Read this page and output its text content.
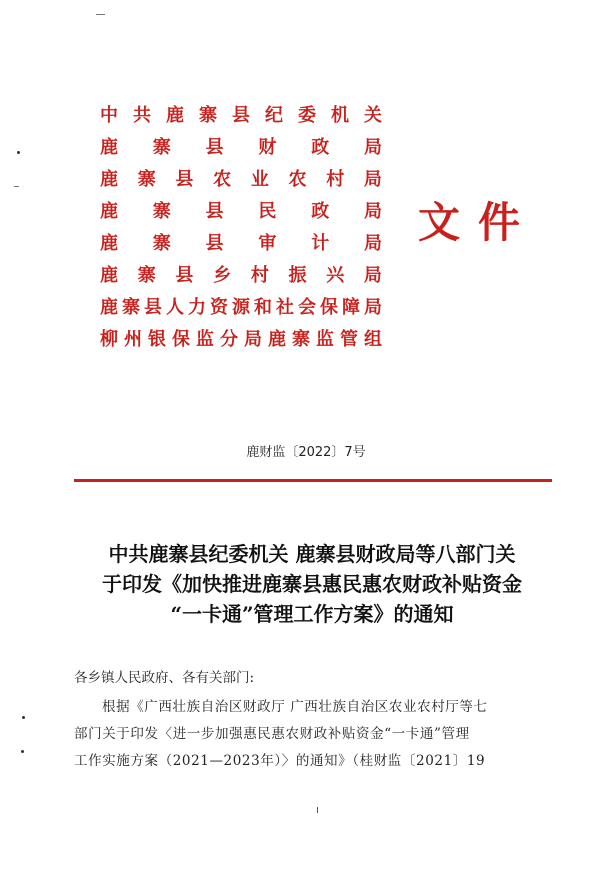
中 共 鹿 寨 县 纪 委 机 关
鹿 寨 县 财 政 局
鹿 寨 县 农 业 农 村 局
鹿 寨 县 民 政 局
鹿 寨 县 审 计 局
鹿 寨 县 乡 村 振 兴 局
鹿 寨 县 人 力 资 源 和 社 会 保 障 局
柳 州 银 保 监 分 局 鹿 寨 监 管 组
文件
鹿财监〔2022〕7号
中共鹿寨县纪委机关 鹿寨县财政局等八部门关
于印发《加快推进鹿寨县惠民惠农财政补贴资金
“一卡通”管理工作方案》的通知
各乡镇人民政府、各有关部门:
根据《广西壮族自治区财政厅 广西壮族自治区农业农村厅等七
部门关于印发〈进一步加强惠民惠农财政补贴资金“一卡通”管理
工作实施方案（2021—2023年）〉的通知》（桂财监〔2021〕19
